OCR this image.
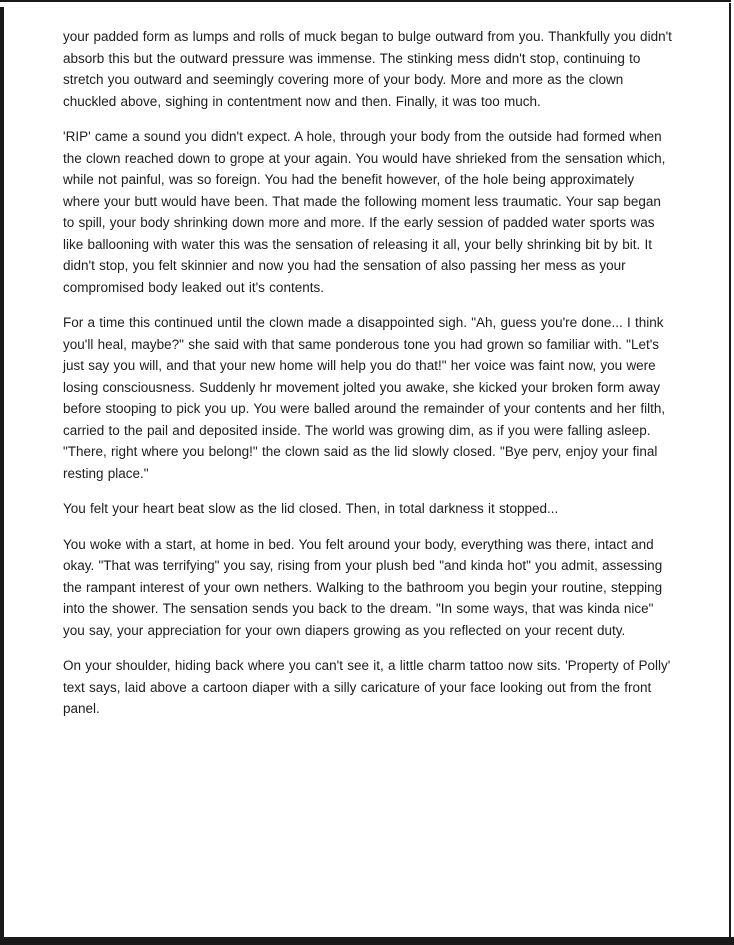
your padded form as lumps and rolls of muck began to bulge outward from you. Thankfully you didn't absorb this but the outward pressure was immense. The stinking mess didn't stop, continuing to stretch you outward and seemingly covering more of your body. More and more as the clown chuckled above, sighing in contentment now and then. Finally, it was too much.

'RIP' came a sound you didn't expect. A hole, through your body from the outside had formed when the clown reached down to grope at your again. You would have shrieked from the sensation which, while not painful, was so foreign. You had the benefit however, of the hole being approximately where your butt would have been. That made the following moment less traumatic. Your sap began to spill, your body shrinking down more and more. If the early session of padded water sports was like ballooning with water this was the sensation of releasing it all, your belly shrinking bit by bit. It didn't stop, you felt skinnier and now you had the sensation of also passing her mess as your compromised body leaked out it's contents.

For a time this continued until the clown made a disappointed sigh. "Ah, guess you're done... I think you'll heal, maybe?" she said with that same ponderous tone you had grown so familiar with. "Let's just say you will, and that your new home will help you do that!" her voice was faint now, you were losing consciousness. Suddenly hr movement jolted you awake, she kicked your broken form away before stooping to pick you up. You were balled around the remainder of your contents and her filth, carried to the pail and deposited inside. The world was growing dim, as if you were falling asleep. "There, right where you belong!" the clown said as the lid slowly closed. "Bye perv, enjoy your final resting place."

You felt your heart beat slow as the lid closed. Then, in total darkness it stopped...

You woke with a start, at home in bed. You felt around your body, everything was there, intact and okay. "That was terrifying" you say, rising from your plush bed "and kinda hot" you admit, assessing the rampant interest of your own nethers. Walking to the bathroom you begin your routine, stepping into the shower. The sensation sends you back to the dream. "In some ways, that was kinda nice" you say, your appreciation for your own diapers growing as you reflected on your recent duty.

On your shoulder, hiding back where you can't see it, a little charm tattoo now sits. 'Property of Polly' text says, laid above a cartoon diaper with a silly caricature of your face looking out from the front panel.
